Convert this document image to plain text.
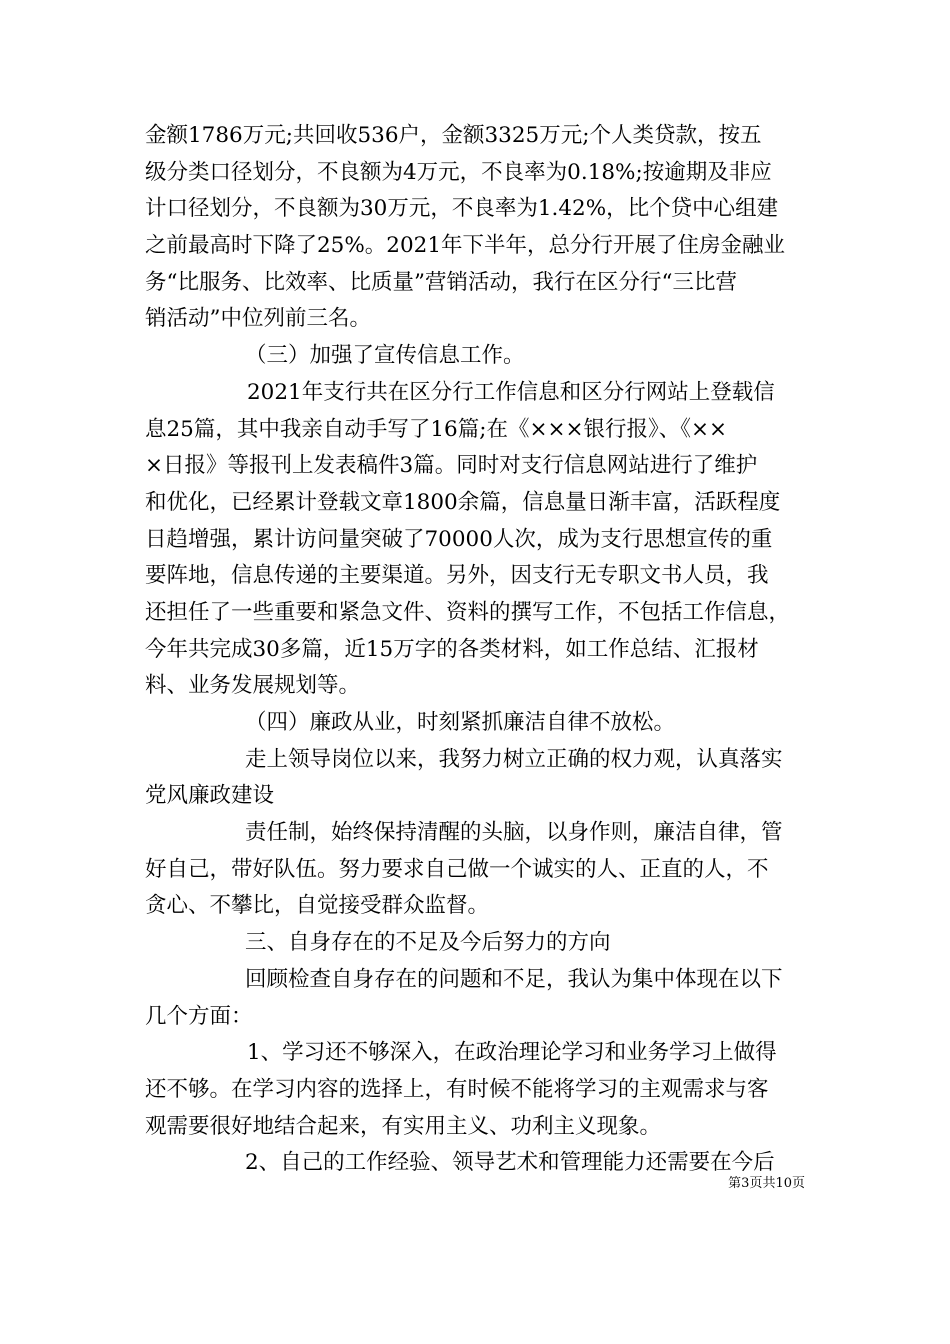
金额1786万元;共回收536户，金额3325万元;个人类贷款，按五
级分类口径划分，不良额为4万元，不良率为0.18%;按逾期及非应
计口径划分，不良额为30万元，不良率为1.42%，比个贷中心组建
之前最高时下降了25%。2021年下半年，总分行开展了住房金融业
务“比服务、比效率、比质量”营销活动，我行在区分行“三比营
销活动”中位列前三名。
（三）加强了宣传信息工作。
2021年支行共在区分行工作信息和区分行网站上登载信
息25篇，其中我亲自动手写了16篇;在《×××银行报》、《××
×日报》等报刊上发表稿件3篇。同时对支行信息网站进行了维护
和优化，已经累计登载文章1800余篇，信息量日渐丰富，活跃程度
日趋增强，累计访问量突破了70000人次，成为支行思想宣传的重
要阵地，信息传递的主要渠道。另外，因支行无专职文书人员，我
还担任了一些重要和紧急文件、资料的撰写工作，不包括工作信息，
今年共完成30多篇，近15万字的各类材料，如工作总结、汇报材
料、业务发展规划等。
（四）廉政从业，时刻紧抓廉洁自律不放松。
走上领导岗位以来，我努力树立正确的权力观，认真落实
党风廉政建设
责任制，始终保持清醒的头脑，以身作则，廉洁自律，管
好自己，带好队伍。努力要求自己做一个诚实的人、正直的人，不
贪心、不攀比，自觉接受群众监督。
三、自身存在的不足及今后努力的方向
回顾检查自身存在的问题和不足，我认为集中体现在以下
几个方面：
1、学习还不够深入，在政治理论学习和业务学习上做得
还不够。在学习内容的选择上，有时候不能将学习的主观需求与客
观需要很好地结合起来，有实用主义、功利主义现象。
2、自己的工作经验、领导艺术和管理能力还需要在今后
第3页共10页
